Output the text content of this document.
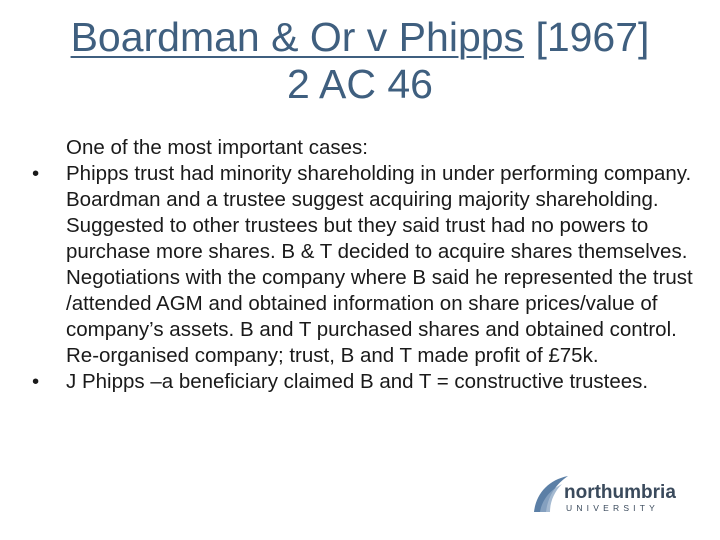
Boardman & Or v Phipps [1967]
2 AC 46
One of the most important cases:
•	Phipps trust had minority shareholding in under performing company. Boardman and a trustee suggest acquiring majority shareholding. Suggested to other trustees but they said trust had no powers to purchase more shares. B & T decided to acquire shares themselves. Negotiations with the company where B said he represented the trust /attended AGM and obtained information on share prices/value of company’s assets. B and T purchased shares and obtained control. Re-organised company; trust, B and T made profit of £75k.
•	J Phipps –a beneficiary claimed B and T = constructive trustees.
northumbria
UNIVERSITY
